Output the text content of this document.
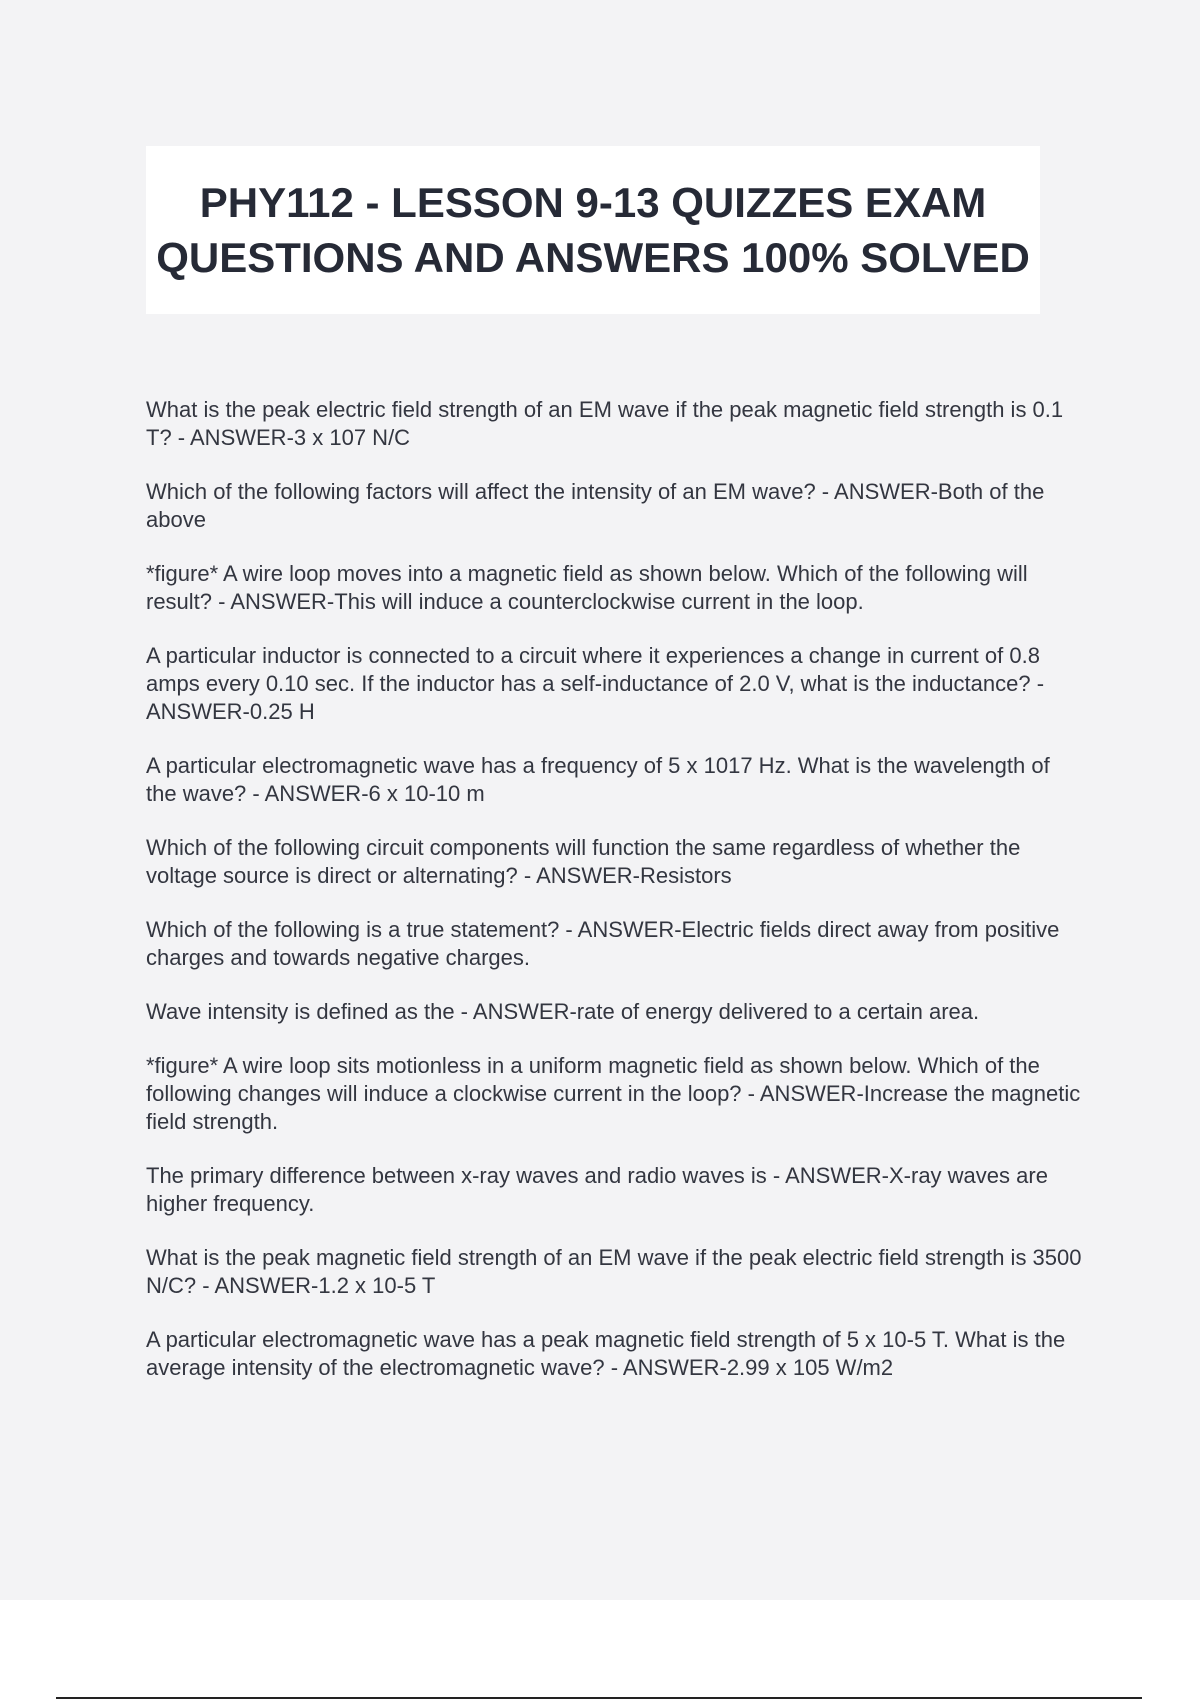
PHY112 - LESSON 9-13 QUIZZES EXAM QUESTIONS AND ANSWERS 100% SOLVED

What is the peak electric field strength of an EM wave if the peak magnetic field strength is 0.1 T? - ANSWER-3 x 107 N/C

Which of the following factors will affect the intensity of an EM wave? - ANSWER-Both of the above

*figure* A wire loop moves into a magnetic field as shown below. Which of the following will result? - ANSWER-This will induce a counterclockwise current in the loop.

A particular inductor is connected to a circuit where it experiences a change in current of 0.8 amps every 0.10 sec. If the inductor has a self-inductance of 2.0 V, what is the inductance? - ANSWER-0.25 H

A particular electromagnetic wave has a frequency of 5 x 1017 Hz. What is the wavelength of the wave? - ANSWER-6 x 10-10 m

Which of the following circuit components will function the same regardless of whether the voltage source is direct or alternating? - ANSWER-Resistors

Which of the following is a true statement? - ANSWER-Electric fields direct away from positive charges and towards negative charges.

Wave intensity is defined as the - ANSWER-rate of energy delivered to a certain area.

*figure* A wire loop sits motionless in a uniform magnetic field as shown below. Which of the following changes will induce a clockwise current in the loop? - ANSWER-Increase the magnetic field strength.

The primary difference between x-ray waves and radio waves is - ANSWER-X-ray waves are higher frequency.

What is the peak magnetic field strength of an EM wave if the peak electric field strength is 3500 N/C? - ANSWER-1.2 x 10-5 T

A particular electromagnetic wave has a peak magnetic field strength of 5 x 10-5 T. What is the average intensity of the electromagnetic wave? - ANSWER-2.99 x 105 W/m2
